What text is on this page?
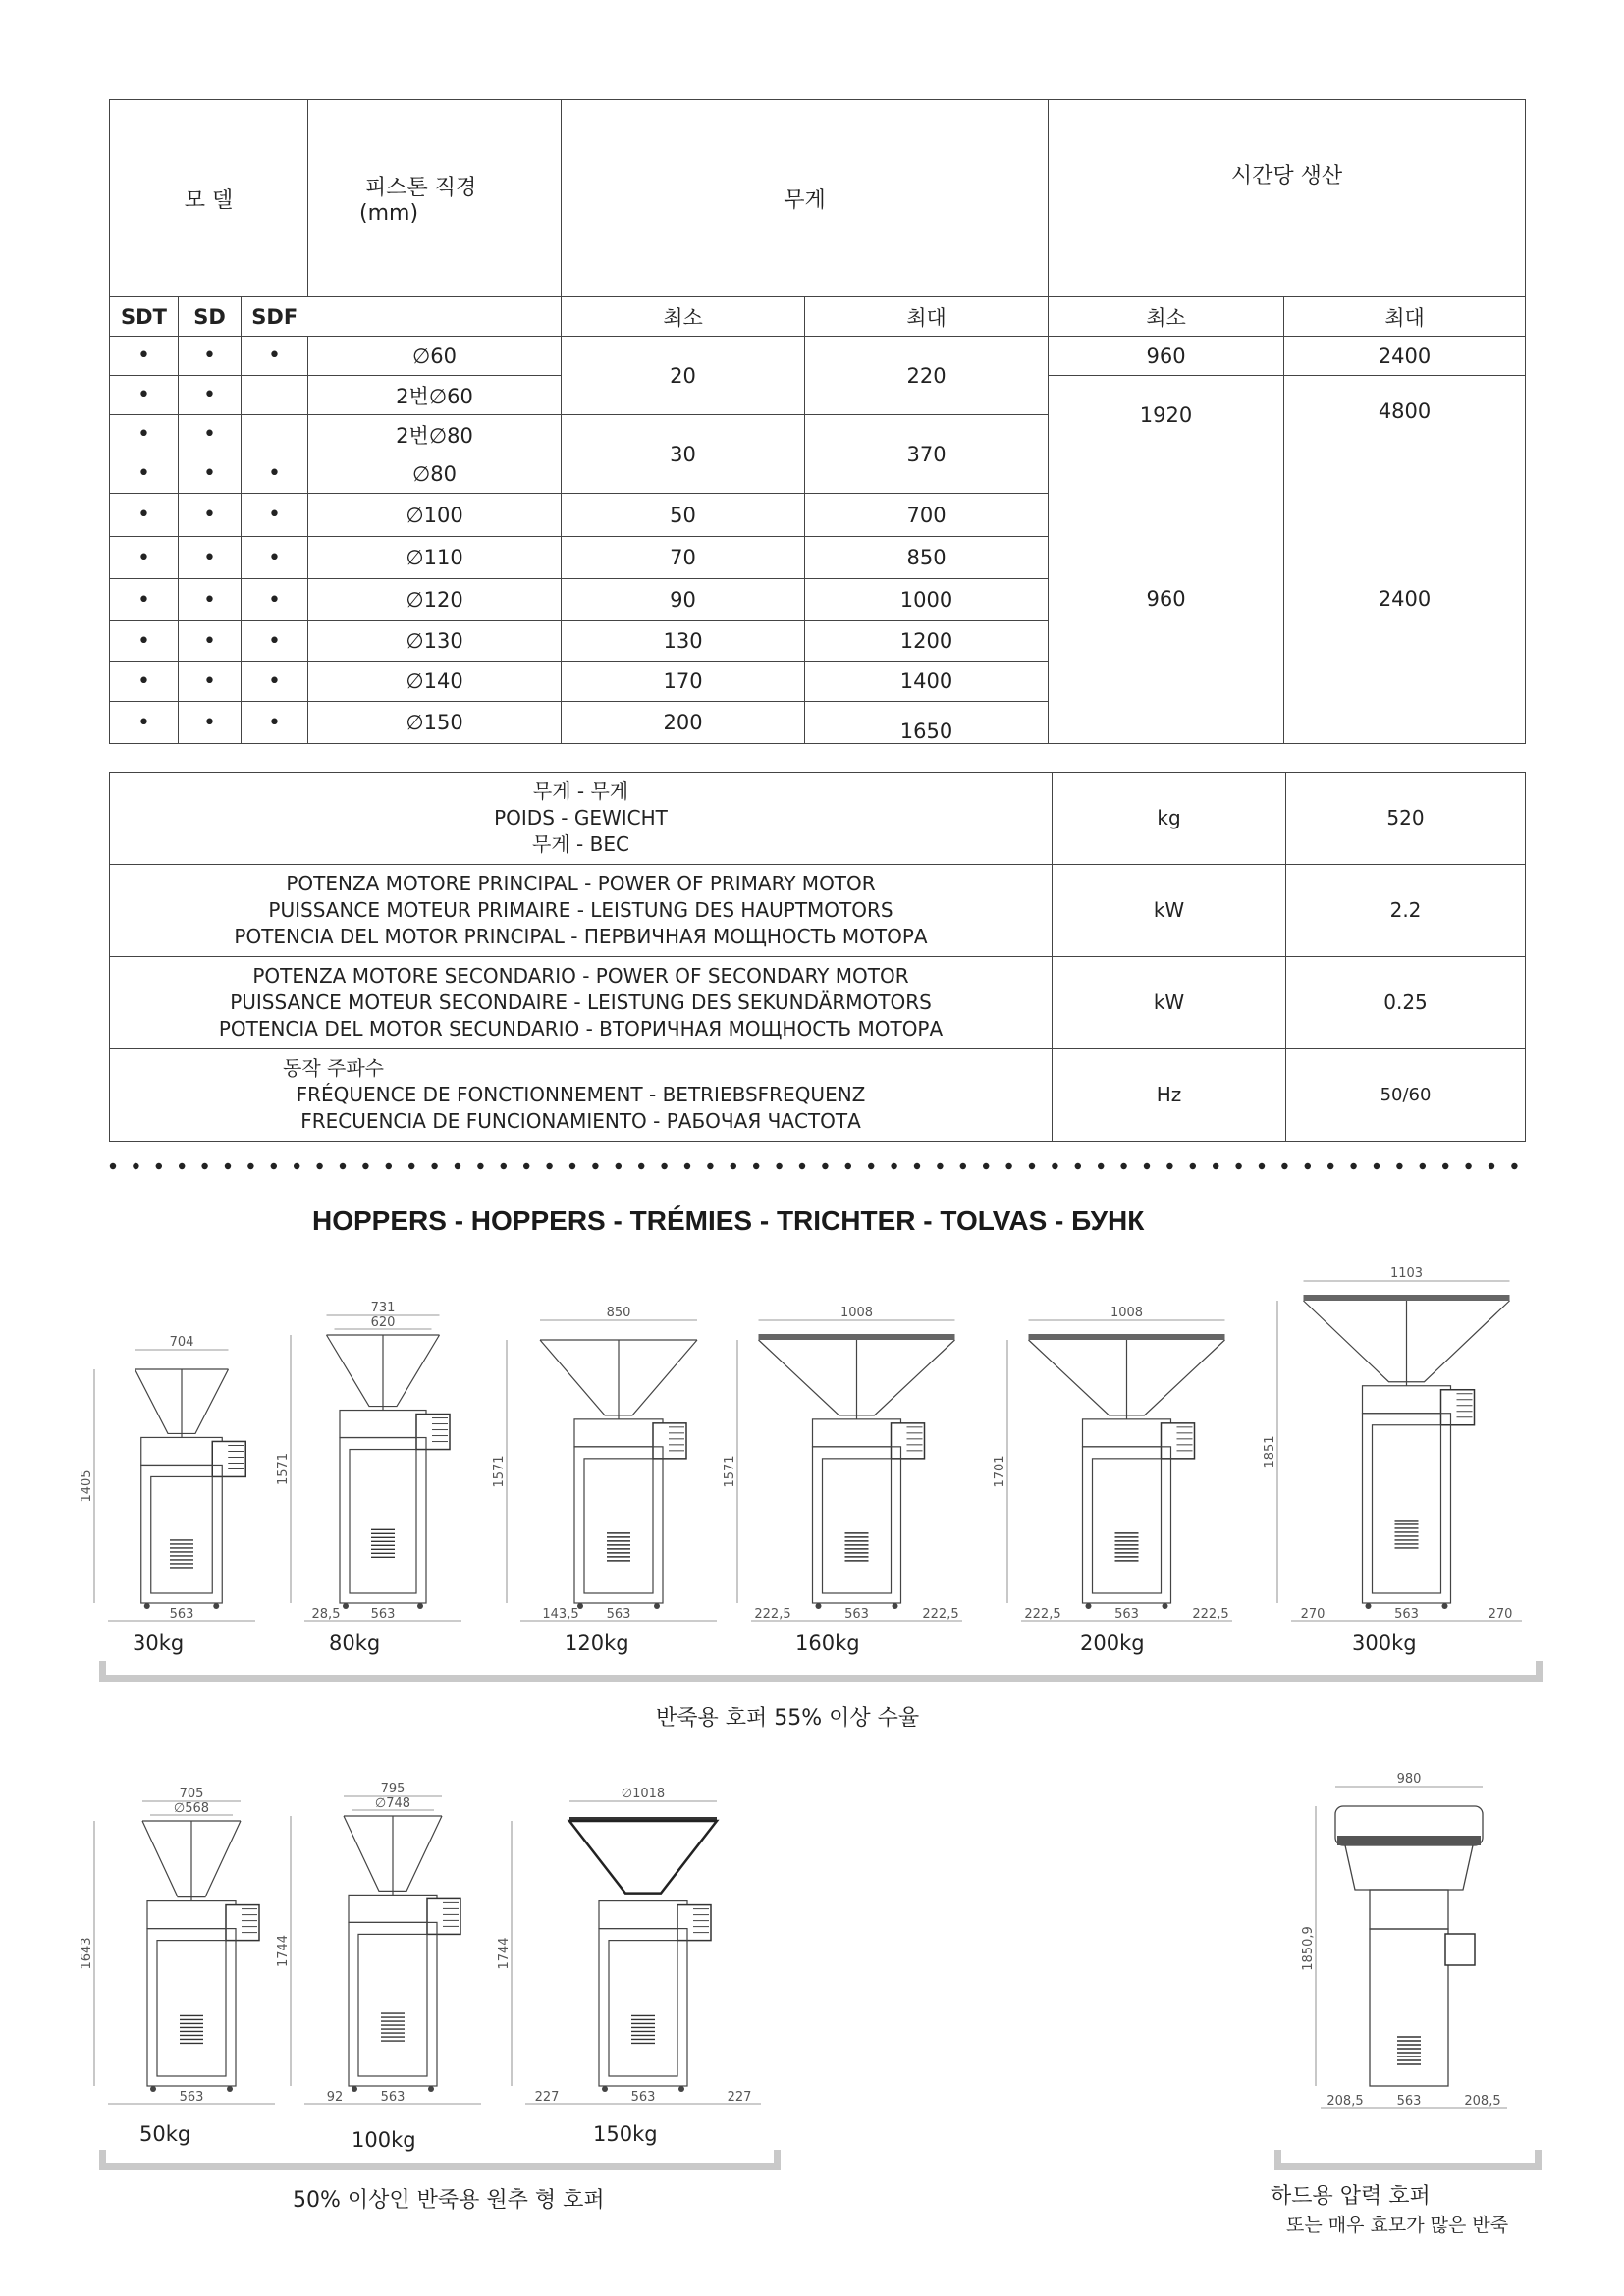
모 델			피스톤 직경
(mm)	무게		시간당 생산	
SDT	SD	SDF		최소	최대	최소	최대
•	•	•	∅60	20	220	960	2400
•	•		2번∅60			1920	4800
•	•		2번∅80	30	370		
•	•	•	∅80			960	2400
•	•	•	∅100	50	700		
•	•	•	∅110	70	850		
•	•	•	∅120	90	1000		
•	•	•	∅130	130	1200		
•	•	•	∅140	170	1400		
•	•	•	∅150	200	1650		
무게 - 무게
POIDS - GEWICHT
무게 - BEC	kg	520

POTENZA MOTORE PRINCIPAL - POWER OF PRIMARY MOTOR
PUISSANCE MOTEUR PRIMAIRE - LEISTUNG DES HAUPTMOTORS
POTENCIA DEL MOTOR PRINCIPAL - ПЕРВИЧНАЯ МОЩНОСТЬ МОТОРА	kW	2.2

POTENZA MOTORE SECONDARIO - POWER OF SECONDARY MOTOR
PUISSANCE MOTEUR SECONDAIRE - LEISTUNG DES SEKUNDÄRMOTORS
POTENCIA DEL MOTOR SECUNDARIO - ВТОРИЧНАЯ МОЩНОСТЬ МОТОРА	kW	0.25

동작 주파수
FRÉQUENCE DE FONCTIONNEMENT - BETRIEBSFREQUENZ
FRECUENCIA DE FUNCIONAMIENTO - РАБОЧАЯ ЧАСТОТА	Hz	50/60
HOPPERS - HOPPERS - TRÉMIES - TRICHTER - TOLVAS - БУНК
704
1405
563
30kg
731
620
1571
28,5 563
80kg
850
1571
143,5 563
120kg
1008
1571
222,5	563	222,5
160kg
1008
1701
222,5	563	222,5
200kg
1103
1851
270	563	270
300kg
반죽용 호퍼 55% 이상 수율
705
∅568
1643
563
50kg
795
∅748
1744
92	563
100kg
∅1018
1744
227	563	227
150kg
50% 이상인 반죽용 원추 형 호퍼
980
1850,9
208,5	563	208,5
하드용 압력 호퍼
또는 매우 효모가 많은 반죽
